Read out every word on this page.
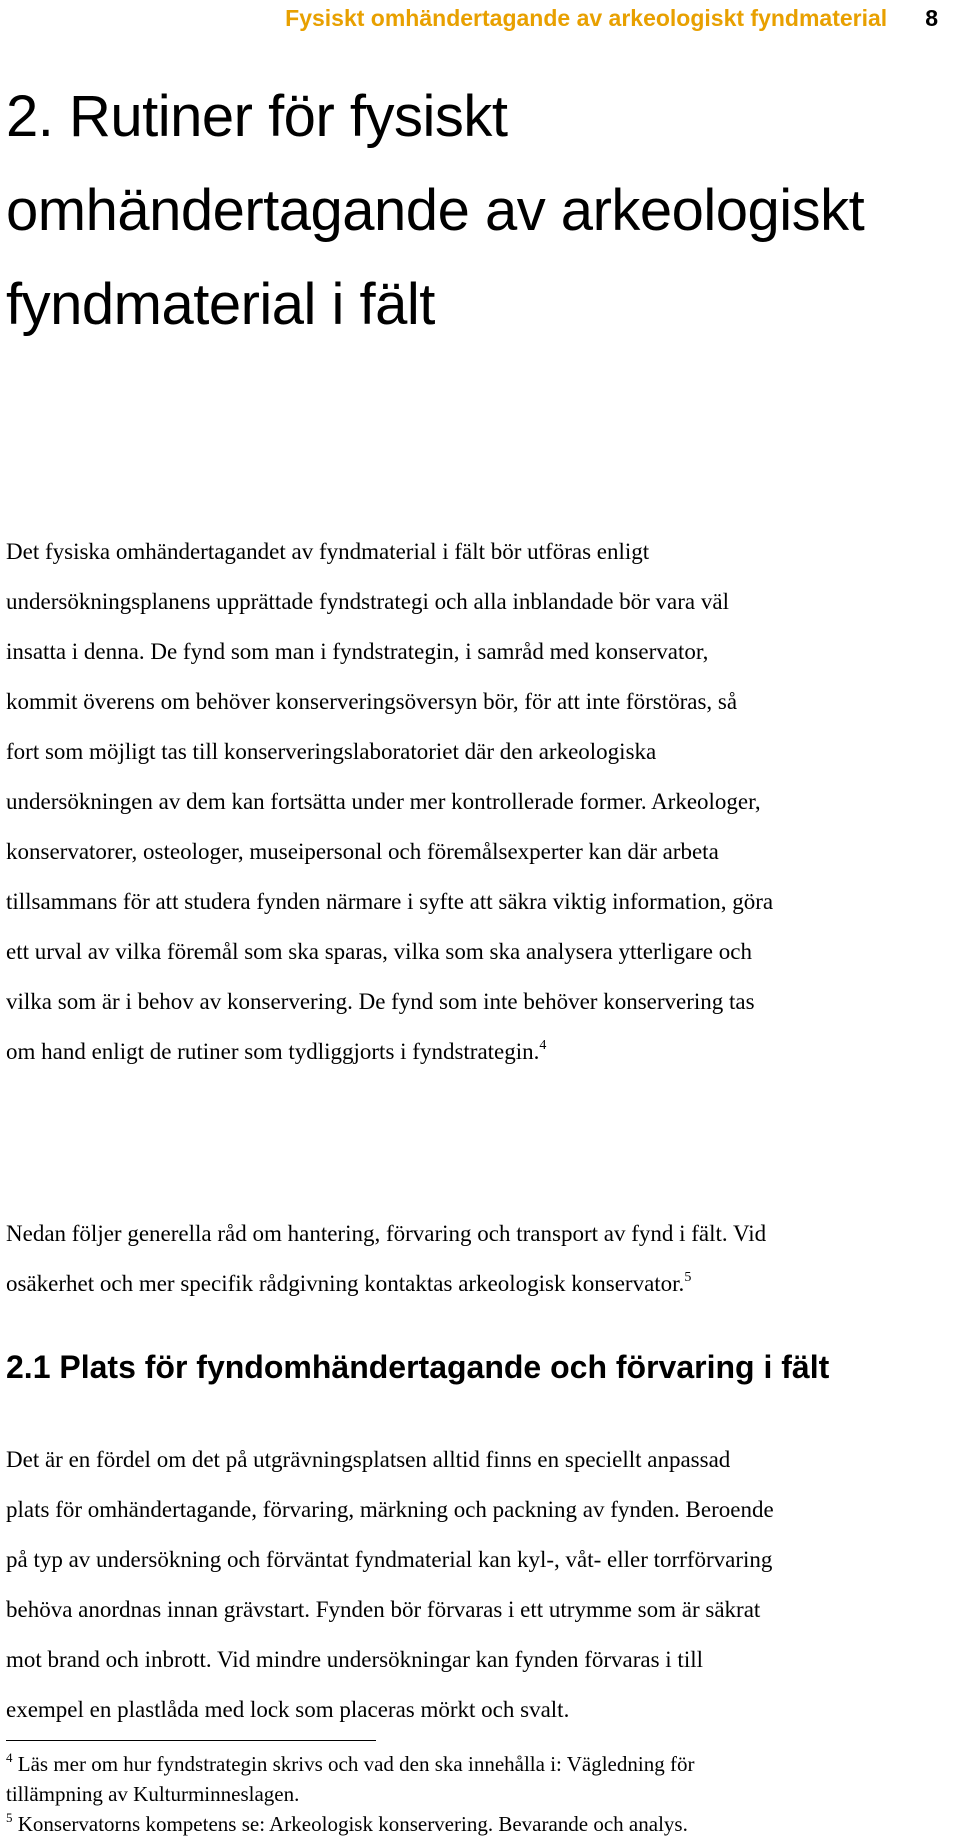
Fysiskt omhändertagande av arkeologiskt fyndmaterial 8
2. Rutiner för fysiskt
omhändertagande av arkeologiskt
fyndmaterial i fält
Det fysiska omhändertagandet av fyndmaterial i fält bör utföras enligt
undersökningsplanens upprättade fyndstrategi och alla inblandade bör vara väl
insatta i denna. De fynd som man i fyndstrategin, i samråd med konservator,
kommit överens om behöver konserveringsöversyn bör, för att inte förstöras, så
fort som möjligt tas till konserveringslaboratoriet där den arkeologiska
undersökningen av dem kan fortsätta under mer kontrollerade former. Arkeologer,
konservatorer, osteologer, museipersonal och föremålsexperter kan där arbeta
tillsammans för att studera fynden närmare i syfte att säkra viktig information, göra
ett urval av vilka föremål som ska sparas, vilka som ska analysera ytterligare och
vilka som är i behov av konservering. De fynd som inte behöver konservering tas
om hand enligt de rutiner som tydliggjorts i fyndstrategin.$^4$
Nedan följer generella råd om hantering, förvaring och transport av fynd i fält. Vid
osäkerhet och mer specifik rådgivning kontaktas arkeologisk konservator.$^5$
2.1 Plats för fyndomhändertagande och förvaring i fält
Det är en fördel om det på utgrävningsplatsen alltid finns en speciellt anpassad
plats för omhändertagande, förvaring, märkning och packning av fynden. Beroende
på typ av undersökning och förväntat fyndmaterial kan kyl-, våt- eller torrförvaring
behöva anordnas innan grävstart. Fynden bör förvaras i ett utrymme som är säkrat
mot brand och inbrott. Vid mindre undersökningar kan fynden förvaras i till
exempel en plastlåda med lock som placeras mörkt och svalt.
$^4$ Läs mer om hur fyndstrategin skrivs och vad den ska innehålla i: Vägledning för
tillämpning av Kulturminneslagen.
$^5$ Konservatorns kompetens se: Arkeologisk konservering. Bevarande och analys.
